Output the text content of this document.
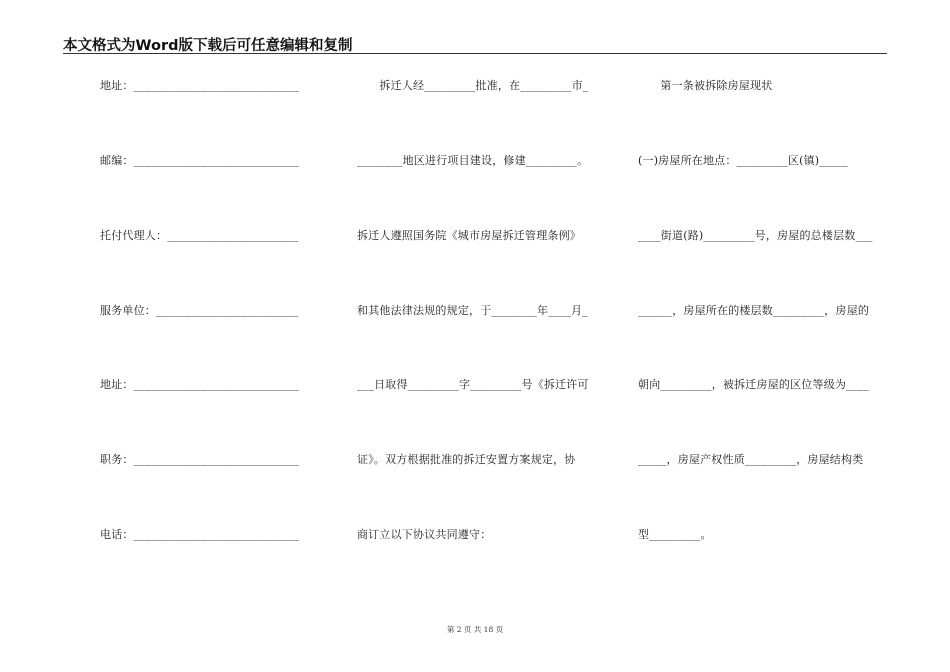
本文格式为Word版下载后可任意编辑和复制
地址：_____________________________
邮编：_____________________________
托付代理人：_______________________
服务单位：_________________________
地址：_____________________________
职务：_____________________________
电话：_____________________________
　　拆迁人经_________批准，在_________市_
________地区进行项目建设，修建_________。
拆迁人遵照国务院《城市房屋拆迁管理条例》
和其他法律法规的规定，于________年____月_
___日取得_________字_________号《拆迁许可
证》。双方根据批准的拆迁安置方案规定，协
商订立以下协议共同遵守：
　　第一条被拆除房屋现状
(一)房屋所在地点：_________区(镇)_____
____街道(路)_________号，房屋的总楼层数___
______，房屋所在的楼层数_________，房屋的
朝向_________，被拆迁房屋的区位等级为____
_____，房屋产权性质_________，房屋结构类
型_________。
第 2 页 共 18 页
